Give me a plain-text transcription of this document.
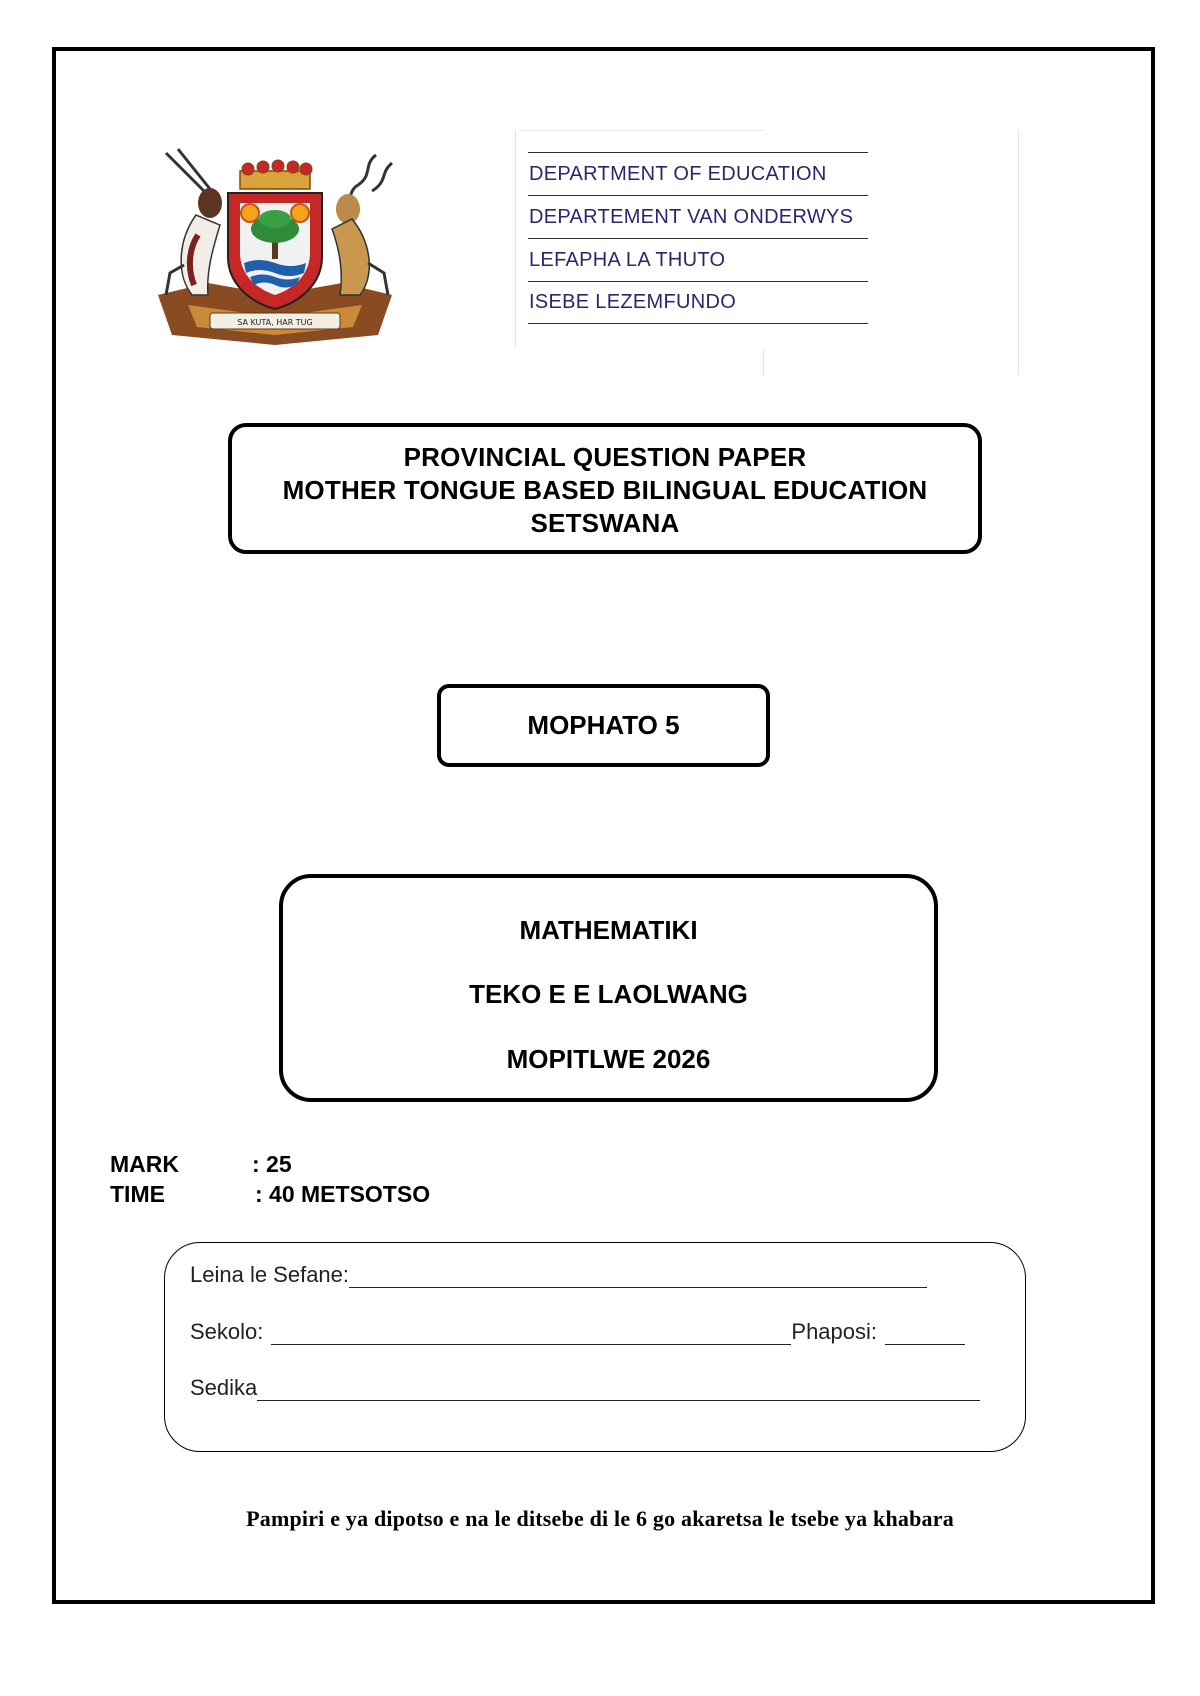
SA KUTA, HAR TUG
DEPARTMENT OF EDUCATION
DEPARTEMENT VAN ONDERWYS
LEFAPHA LA THUTO
ISEBE LEZEMFUNDO
PROVINCIAL QUESTION PAPER
MOTHER TONGUE BASED BILINGUAL EDUCATION
SETSWANA
MOPHATO 5
MATHEMATIKI
TEKO E E LAOLWANG
MOPITLWE 2026
MARK	: 25
TIME	: 40 METSOTSO
Leina le Sefane:
Sekolo:	Phaposi:
Sedika
Pampiri e ya dipotso e na le ditsebe di le 6 go akaretsa le tsebe ya khabara
